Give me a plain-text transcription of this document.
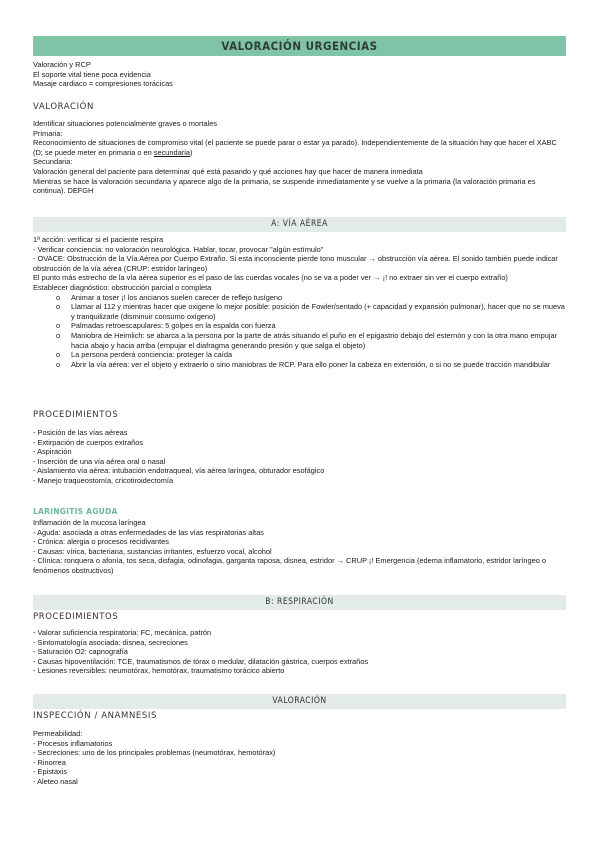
VALORACIÓN URGENCIAS
Valoración y RCP
El soporte vital tiene poca evidencia
Masaje cardiaco = compresiones torácicas
VALORACIÓN
Identificar situaciones potencialmente graves o mortales
Primaria:
Reconocimiento de situaciones de compromiso vital (el paciente se puede parar o estar ya parado). Independientemente de la situación hay que hacer el XABC (D; se puede meter en primaria o en secundaria)
Secundaria:
Valoración general del paciente para determinar qué está pasando y qué acciones hay que hacer de manera inmediata
Mientras se hace la valoración secundaria y aparece algo de la primaria, se suspende inmediatamente y se vuelve a la primaria (la valoración primaria es continua). DEFGH
A: VÍA AÉREA
1ª acción: verificar si el paciente respira
- Verificar conciencia: no valoración neurológica. Hablar, tocar, provocar "algún estímulo"
- OVACE: Obstrucción de la Vía Aérea por Cuerpo Extraño. Si esta inconsciente pierde tono muscular → obstrucción vía aérea. El sonido también puede indicar obstrucción de la vía aérea (CRUP: estridor laríngeo)
El punto más estrecho de la vía aérea superior es el paso de las cuerdas vocales (no se va a poder ver → ¡! no extraer sin ver el cuerpo extraño)
Establecer diagnóstico: obstrucción parcial o completa
o Animar a toser ¡! los ancianos suelen carecer de reflejo tusígeno
o Llamar al 112 y mientras hacer que oxigene lo mejor posible: posición de Fowler/sentado (+ capacidad y expansión pulmonar), hacer que no se mueva y tranquilizarle (disminuir consumo oxígeno)
o Palmadas retroescapulares: 5 golpes en la espalda con fuerza
o Maniobra de Heimlich: se abarca a la persona por la parte de atrás situando el puño en el epigastrio debajo del esternón y con la otra mano empujar hacia abajo y hacia arriba (empujar el diafragma generando presión y que salga el objeto)
o La persona perderá conciencia: proteger la caída
o Abrir la vía aérea: ver el objeto y extraerlo o sino maniobras de RCP. Para ello poner la cabeza en extensión, o si no se puede tracción mandibular
PROCEDIMIENTOS
- Posición de las vías aéreas
- Extirpación de cuerpos extraños
- Aspiración
- Inserción de una vía aérea oral o nasal
- Aislamiento vía aérea: intubación endotraqueal, vía aérea laríngea, obturador esofágico
- Manejo traqueostomía, cricotiroidectomía
LARINGITIS AGUDA
Inflamación de la mucosa laríngea
- Aguda: asociada a otras enfermedades de las vías respiratorias altas
- Crónica: alergia o procesos recidivantes
- Causas: vírica, bacteriana, sustancias irritantes, esfuerzo vocal, alcohol
- Clínica: ronquera o afonía, tos seca, disfagia, odinofagia, garganta raposa, disnea, estridor → CRUP ¡! Emergencia (edema inflamatorio, estridor laríngeo o fenómenos obstructivos)
B: RESPIRACIÓN
PROCEDIMIENTOS
- Valorar suficiencia respiratoria: FC, mecánica, patrón
- Sintomatología asociada: disnea, secreciones
- Saturación O2: capnografía
- Causas hipoventilación: TCE, traumatismos de tórax o medular, dilatación gástrica, cuerpos extraños
- Lesiones reversibles: neumotórax, hemotórax, traumatismo torácico abierto
VALORACIÓN
INSPECCIÓN / ANAMNESIS
Permeabilidad:
- Procesos inflamatorios
- Secreciones: uno de los principales problemas (neumotórax, hemotórax)
- Rinorrea
- Epistaxis
- Aleteo nasal
